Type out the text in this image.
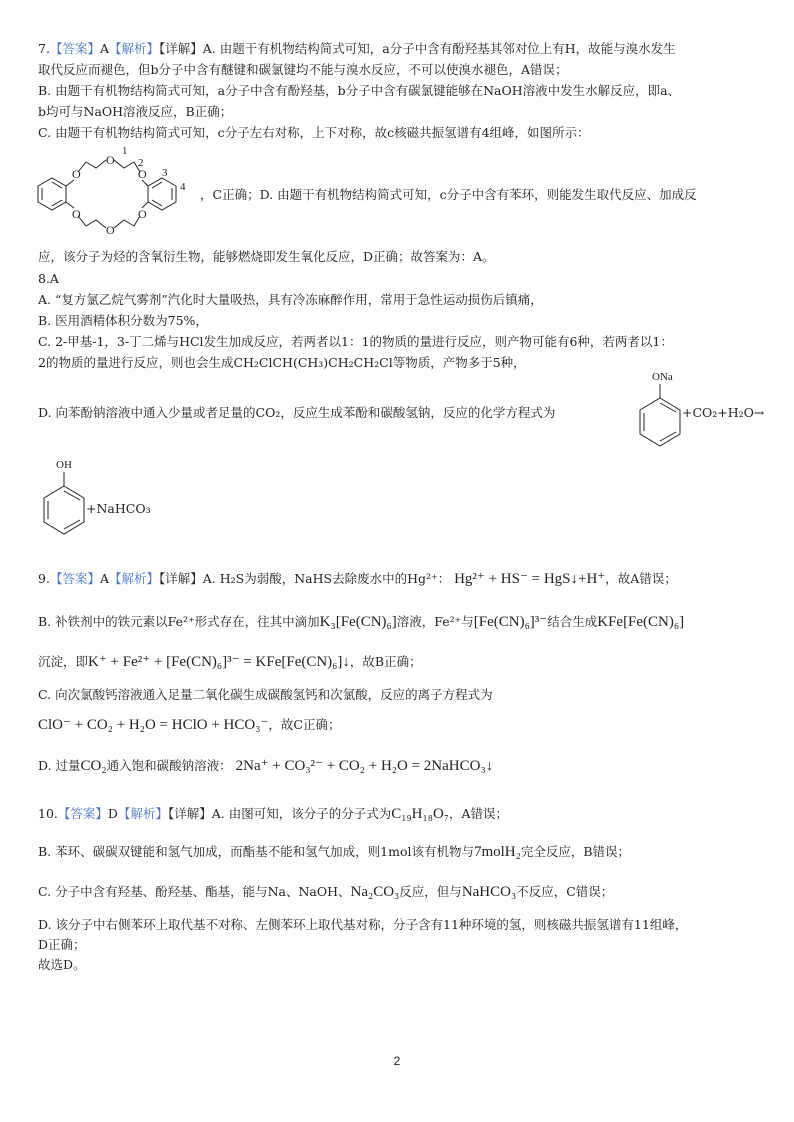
7.【答案】A【解析】【详解】A. 由题干有机物结构简式可知，a分子中含有酚羟基其邻对位上有H，故能与溴水发生
取代反应而褪色，但b分子中含有醚键和碳氯键均不能与溴水反应，不可以使溴水褪色，A错误；
B. 由题干有机物结构简式可知，a分子中含有酚羟基，b分子中含有碳氯键能够在NaOH溶液中发生水解反应，即a、
b均可与NaOH溶液反应，B正确；
C. 由题干有机物结构简式可知，c分子左右对称，上下对称，故c核磁共振氢谱有4组峰，如图所示：
O
O
O
O
O
O
1
2
3
4 ，C正确；D. 由题干有机物结构简式可知，c分子中含有苯环，则能发生取代反应、加成反
应，该分子为烃的含氧衍生物，能够燃烧即发生氧化反应，D正确；故答案为：A。
8.A
A. “复方氯乙烷气雾剂”汽化时大量吸热，具有冷冻麻醉作用，常用于急性运动损伤后镇痛，
B. 医用酒精体积分数为75%，
C. 2-甲基-1，3-丁二烯与HCl发生加成反应，若两者以1：1的物质的量进行反应，则产物可能有6种，若两者以1：
2的物质的量进行反应，则也会生成CH₂ClCH(CH₃)CH₂CH₂Cl等物质，产物多于5种，
D. 向苯酚钠溶液中通入少量或者足量的CO₂，反应生成苯酚和碳酸氢钠，反应的化学方程式为
ONa
+CO₂+H₂O→
OH
+NaHCO₃
9.【答案】A【解析】【详解】A. H₂S为弱酸，NaHS去除废水中的Hg²⁺： Hg²⁺ + HS⁻ = HgS↓+H⁺，故A错误；
B. 补铁剂中的铁元素以Fe²⁺形式存在，往其中滴加K₃[Fe(CN)₆]溶液，Fe²⁺与[Fe(CN)₆]³⁻结合生成KFe[Fe(CN)₆]
沉淀，即K⁺ + Fe²⁺ + [Fe(CN)₆]³⁻ = KFe[Fe(CN)₆]↓，故B正确；
C. 向次氯酸钙溶液通入足量二氧化碳生成碳酸氢钙和次氯酸，反应的离子方程式为
ClO⁻ + CO₂ + H₂O = HClO + HCO₃⁻，故C正确；
D. 过量CO₂通入饱和碳酸钠溶液： 2Na⁺ + CO₃²⁻ + CO₂ + H₂O = 2NaHCO₃↓
10.【答案】D【解析】【详解】A. 由图可知，该分子的分子式为C₁₉H₁₈O₇，A错误；
B. 苯环、碳碳双键能和氢气加成，而酯基不能和氢气加成，则1mol该有机物与7molH₂完全反应，B错误；
C. 分子中含有羟基、酚羟基、酯基，能与Na、NaOH、Na₂CO₃反应，但与NaHCO₃不反应，C错误；
D. 该分子中右侧苯环上取代基不对称、左侧苯环上取代基对称，分子含有11种环境的氢，则核磁共振氢谱有11组峰，
D正确；
故选D。
2
